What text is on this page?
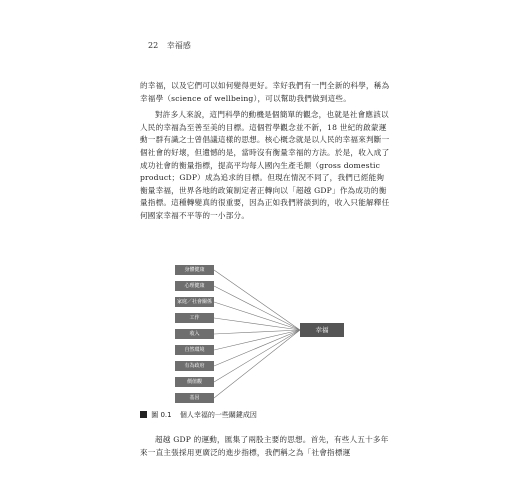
22 幸福感

的幸福，以及它們可以如何變得更好。幸好我們有一門全新的科學，稱為幸福學（science of wellbeing），可以幫助我們做到這些。

對許多人來說，這門科學的動機是個簡單的觀念，也就是社會應該以人民的幸福為至善至美的目標。這個哲學觀念並不新，18 世紀的啟蒙運動一群有識之士曾倡議這樣的思想。核心概念就是以人民的幸福來判斷一個社會的好壞，但遺憾的是，當時沒有衡量幸福的方法。於是，收入成了成功社會的衡量指標，提高平均每人國內生產毛額（gross domestic product；GDP）成為追求的目標。但現在情況不同了，我們已經能夠衡量幸福，世界各地的政策制定者正轉向以「超越 GDP」作為成功的衡量指標。這種轉變真的很重要，因為正如我們將談到的，收入只能解釋任何國家幸福不平等的一小部分。

身體健康
心理健康
家庭／社會關係
工作
收入
自然環境
有為政府
價值觀
基因
幸福
圖 0.1 個人幸福的一些關鍵成因

超越 GDP 的運動，匯集了兩股主要的思想。首先，有些人五十多年來一直主張採用更廣泛的進步指標，我們稱之為「社會指標運
